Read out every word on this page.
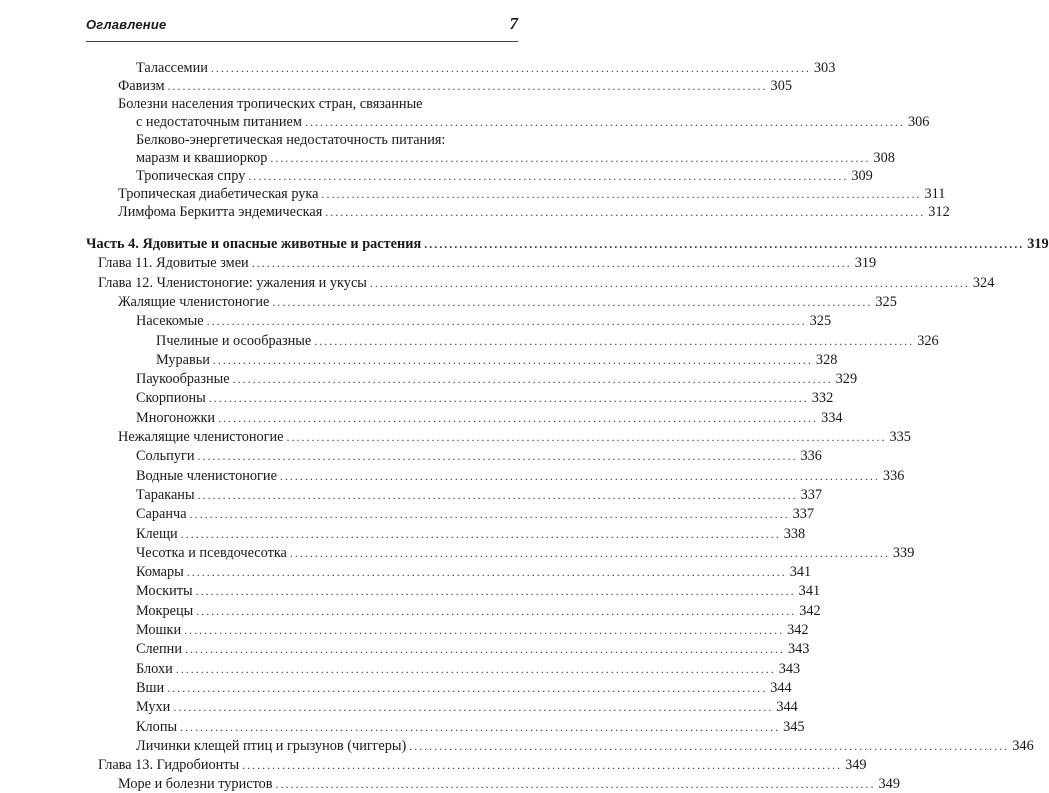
Оглавление	7
Талассемии ........................................................................................................................ 303
Фавизм ........................................................................................................................ 305
Болезни населения тропических стран, связанные
с недостаточным питанием ........................................................................................................................ 306
Белково-энергетическая недостаточность питания:
маразм и квашиоркор ........................................................................................................................ 308
Тропическая спру ........................................................................................................................ 309
Тропическая диабетическая рука ........................................................................................................................ 311
Лимфома Беркитта эндемическая ........................................................................................................................ 312
Часть 4. Ядовитые и опасные животные и растения ........................................................................................................................ 319
Глава 11. Ядовитые змеи ........................................................................................................................ 319
Глава 12. Членистоногие: ужаления и укусы ........................................................................................................................ 324
Жалящие членистоногие ........................................................................................................................ 325
Насекомые ........................................................................................................................ 325
Пчелиные и осообразные ........................................................................................................................ 326
Муравьи ........................................................................................................................ 328
Паукообразные ........................................................................................................................ 329
Скорпионы ........................................................................................................................ 332
Многоножки ........................................................................................................................ 334
Нежалящие членистоногие ........................................................................................................................ 335
Сольпуги ........................................................................................................................ 336
Водные членистоногие ........................................................................................................................ 336
Тараканы ........................................................................................................................ 337
Саранча ........................................................................................................................ 337
Клещи ........................................................................................................................ 338
Чесотка и псевдочесотка ........................................................................................................................ 339
Комары ........................................................................................................................ 341
Москиты ........................................................................................................................ 341
Мокрецы ........................................................................................................................ 342
Мошки ........................................................................................................................ 342
Слепни ........................................................................................................................ 343
Блохи ........................................................................................................................ 343
Вши ........................................................................................................................ 344
Мухи ........................................................................................................................ 344
Клопы ........................................................................................................................ 345
Личинки клещей птиц и грызунов (чиггеры) ........................................................................................................................ 346
Глава 13. Гидробионты ........................................................................................................................ 349
Море и болезни туристов ........................................................................................................................ 349
